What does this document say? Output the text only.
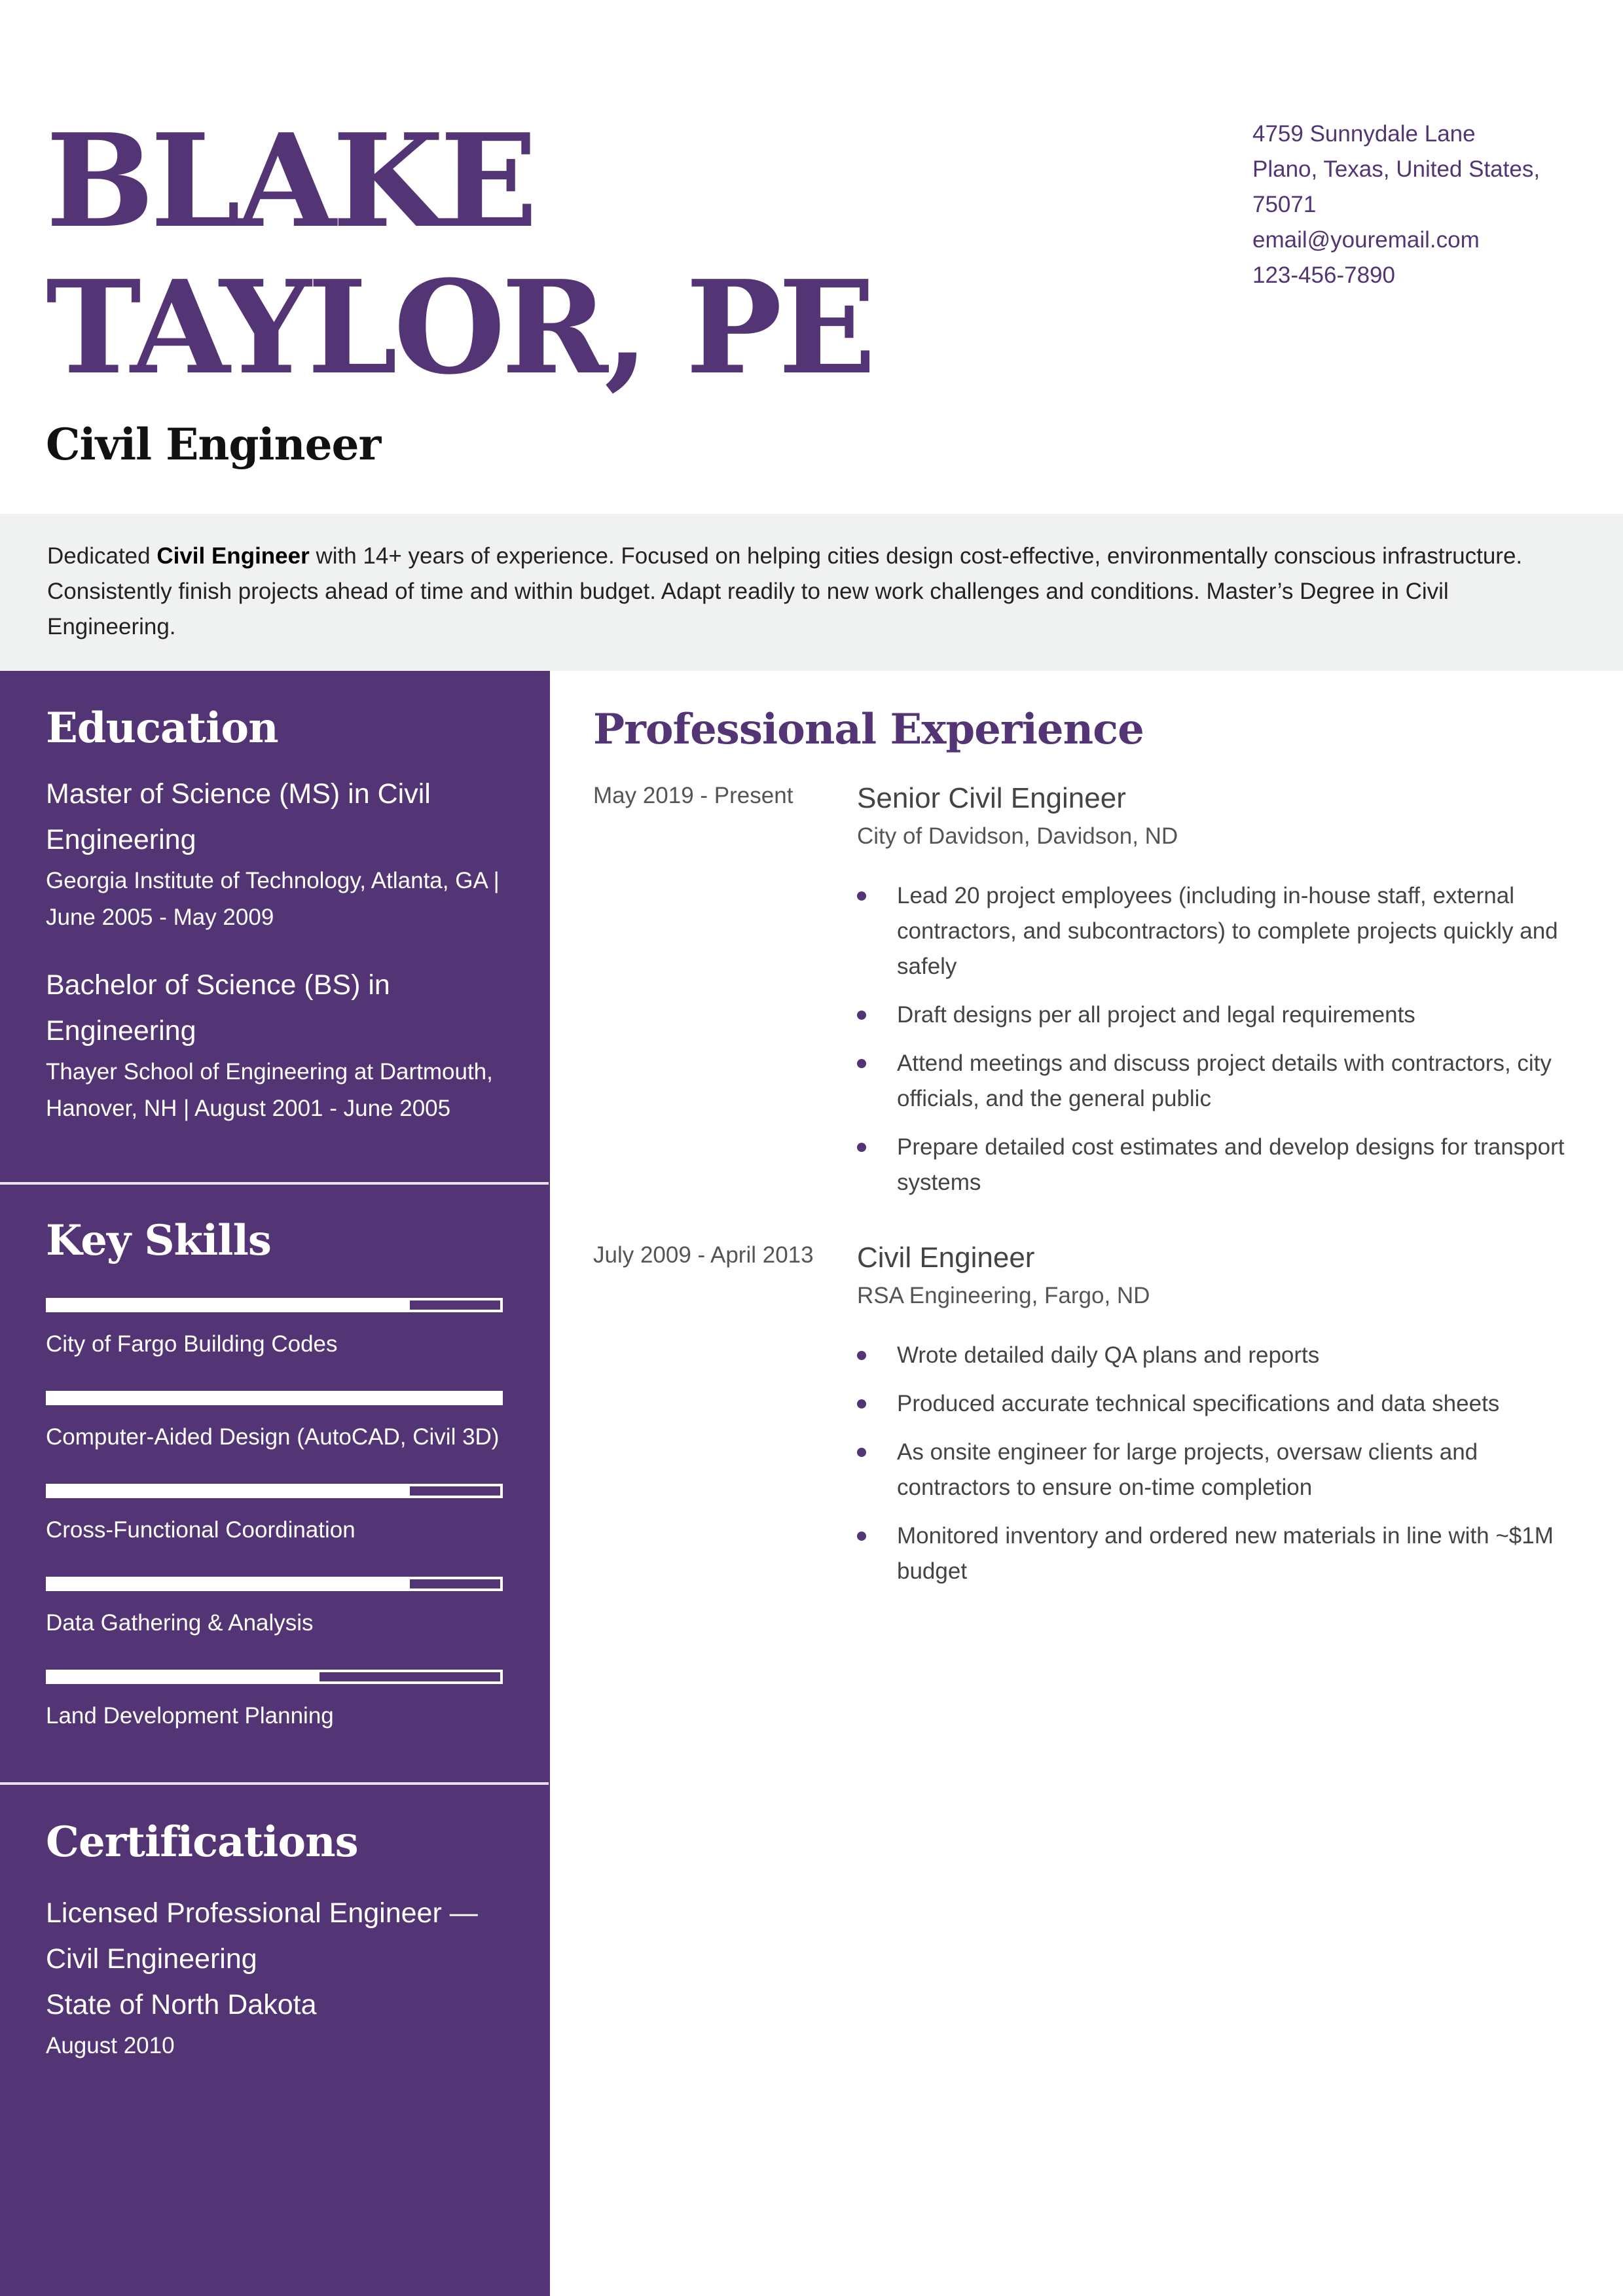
BLAKE
TAYLOR, PE
Civil Engineer
4759 Sunnydale Lane
Plano, Texas, United States,
75071
email@youremail.com
123-456-7890
Dedicated Civil Engineer with 14+ years of experience. Focused on helping cities design cost-effective, environmentally conscious infrastructure. Consistently finish projects ahead of time and within budget. Adapt readily to new work challenges and conditions. Master’s Degree in Civil Engineering.
Education
Master of Science (MS) in Civil Engineering
Georgia Institute of Technology, Atlanta, GA | June 2005 - May 2009
Bachelor of Science (BS) in Engineering
Thayer School of Engineering at Dartmouth, Hanover, NH | August 2001 - June 2005
Key Skills
City of Fargo Building Codes
Computer-Aided Design (AutoCAD, Civil 3D)
Cross-Functional Coordination
Data Gathering & Analysis
Land Development Planning
Certifications
Licensed Professional Engineer — Civil Engineering
State of North Dakota
August 2010
Professional Experience
May 2019 - Present	Senior Civil Engineer
City of Davidson, Davidson, ND
Lead 20 project employees (including in-house staff, external contractors, and subcontractors) to complete projects quickly and safely
Draft designs per all project and legal requirements
Attend meetings and discuss project details with contractors, city officials, and the general public
Prepare detailed cost estimates and develop designs for transport systems
July 2009 - April 2013	Civil Engineer
RSA Engineering, Fargo, ND
Wrote detailed daily QA plans and reports
Produced accurate technical specifications and data sheets
As onsite engineer for large projects, oversaw clients and contractors to ensure on-time completion
Monitored inventory and ordered new materials in line with ~$1M budget
